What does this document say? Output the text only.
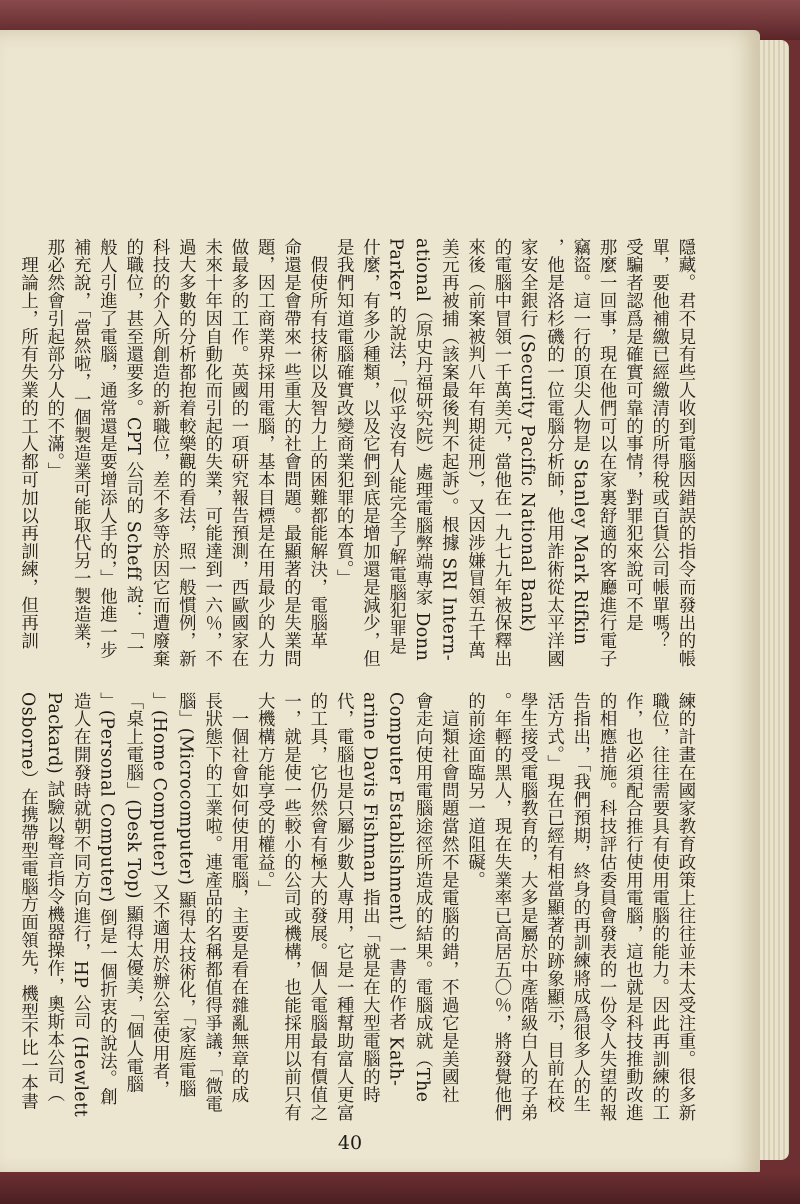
隱藏。君不見有些人收到電腦因錯誤的指令而發出的帳
單，要他補繳已經繳清的所得稅或百貨公司帳單嗎？
受騙者認爲是確實可靠的事情，對罪犯來說可不是
那麼一回事，現在他們可以在家裏舒適的客廳進行電子
竊盜。這一行的頂尖人物是 Stanley Mark Rifkin
，他是洛杉磯的一位電腦分析師，他用詐術從太平洋國
家安全銀行 (Security Pacific National Bank)
的電腦中冒領一千萬美元，當他在一九七九年被保釋出
來後（前案被判八年有期徒刑），又因涉嫌冒領五千萬
美元再被捕（該案最後判不起訴）。根據 SRI Intern-
ational（原史丹福研究院）處理電腦弊端專家 Donn
Parker 的說法，「似乎沒有人能完全了解電腦犯罪是
什麼，有多少種類，以及它們到底是增加還是減少，但
是我們知道電腦確實改變商業犯罪的本質。」
　假使所有技術以及智力上的困難都能解決，電腦革
命還是會帶來一些重大的社會問題。最顯著的是失業問
題，因工商業界採用電腦，基本目標是在用最少的人力
做最多的工作。英國的一項研究報告預測，西歐國家在
未來十年因自動化而引起的失業，可能達到一六％，不
過大多數的分析都抱着較樂觀的看法，照一般慣例，新
科技的介入所創造的新職位，差不多等於因它而遭廢棄
的職位，甚至還要多。CPT 公司的 Scheff 說：「一
般人引進了電腦，通常還是要增添人手的，」他進一步
補充說，「當然啦，一個製造業可能取代另一製造業，
那必然會引起部分人的不滿。」
　理論上，所有失業的工人都可加以再訓練，但再訓
練的計畫在國家教育政策上往往並未太受注重。很多新
職位，往往需要具有使用電腦的能力。因此再訓練的工
作，也必須配合推行使用電腦，這也就是科技推動改進
的相應措施。科技評估委員會發表的一份令人失望的報
告指出，「我們預期，終身的再訓練將成爲很多人的生
活方式。」現在已經有相當顯著的跡象顯示，目前在校
學生接受電腦教育的，大多是屬於中產階級白人的子弟
。年輕的黑人，現在失業率已高居五〇％，將發覺他們
的前途面臨另一道阻礙。
　這類社會問題當然不是電腦的錯，不過它是美國社
會走向使用電腦途徑所造成的結果。電腦成就（The
Computer Establishment）一書的作者 Kath-
arine Davis Fishman 指出「就是在大型電腦的時
代，電腦也是只屬少數人專用，它是一種幫助富人更富
的工具，它仍然會有極大的發展。個人電腦最有價值之
一，就是使一些較小的公司或機構，也能採用以前只有
大機構方能享受的權益。」
　一個社會如何使用電腦，主要是看在雜亂無章的成
長狀態下的工業啦。連產品的名稱都值得爭議，「微電
腦」(Microcomputer) 顯得太技術化，「家庭電腦
」(Home Computer) 又不適用於辦公室使用者，
「桌上電腦」(Desk Top) 顯得太優美，「個人電腦
」(Personal Computer) 倒是一個折衷的說法。創
造人在開發時就朝不同方向進行，HP 公司 (Hewlett
Packard) 試驗以聲音指令機器操作，奧斯本公司（
Osborne）在携帶型電腦方面領先，機型不比一本書
40
